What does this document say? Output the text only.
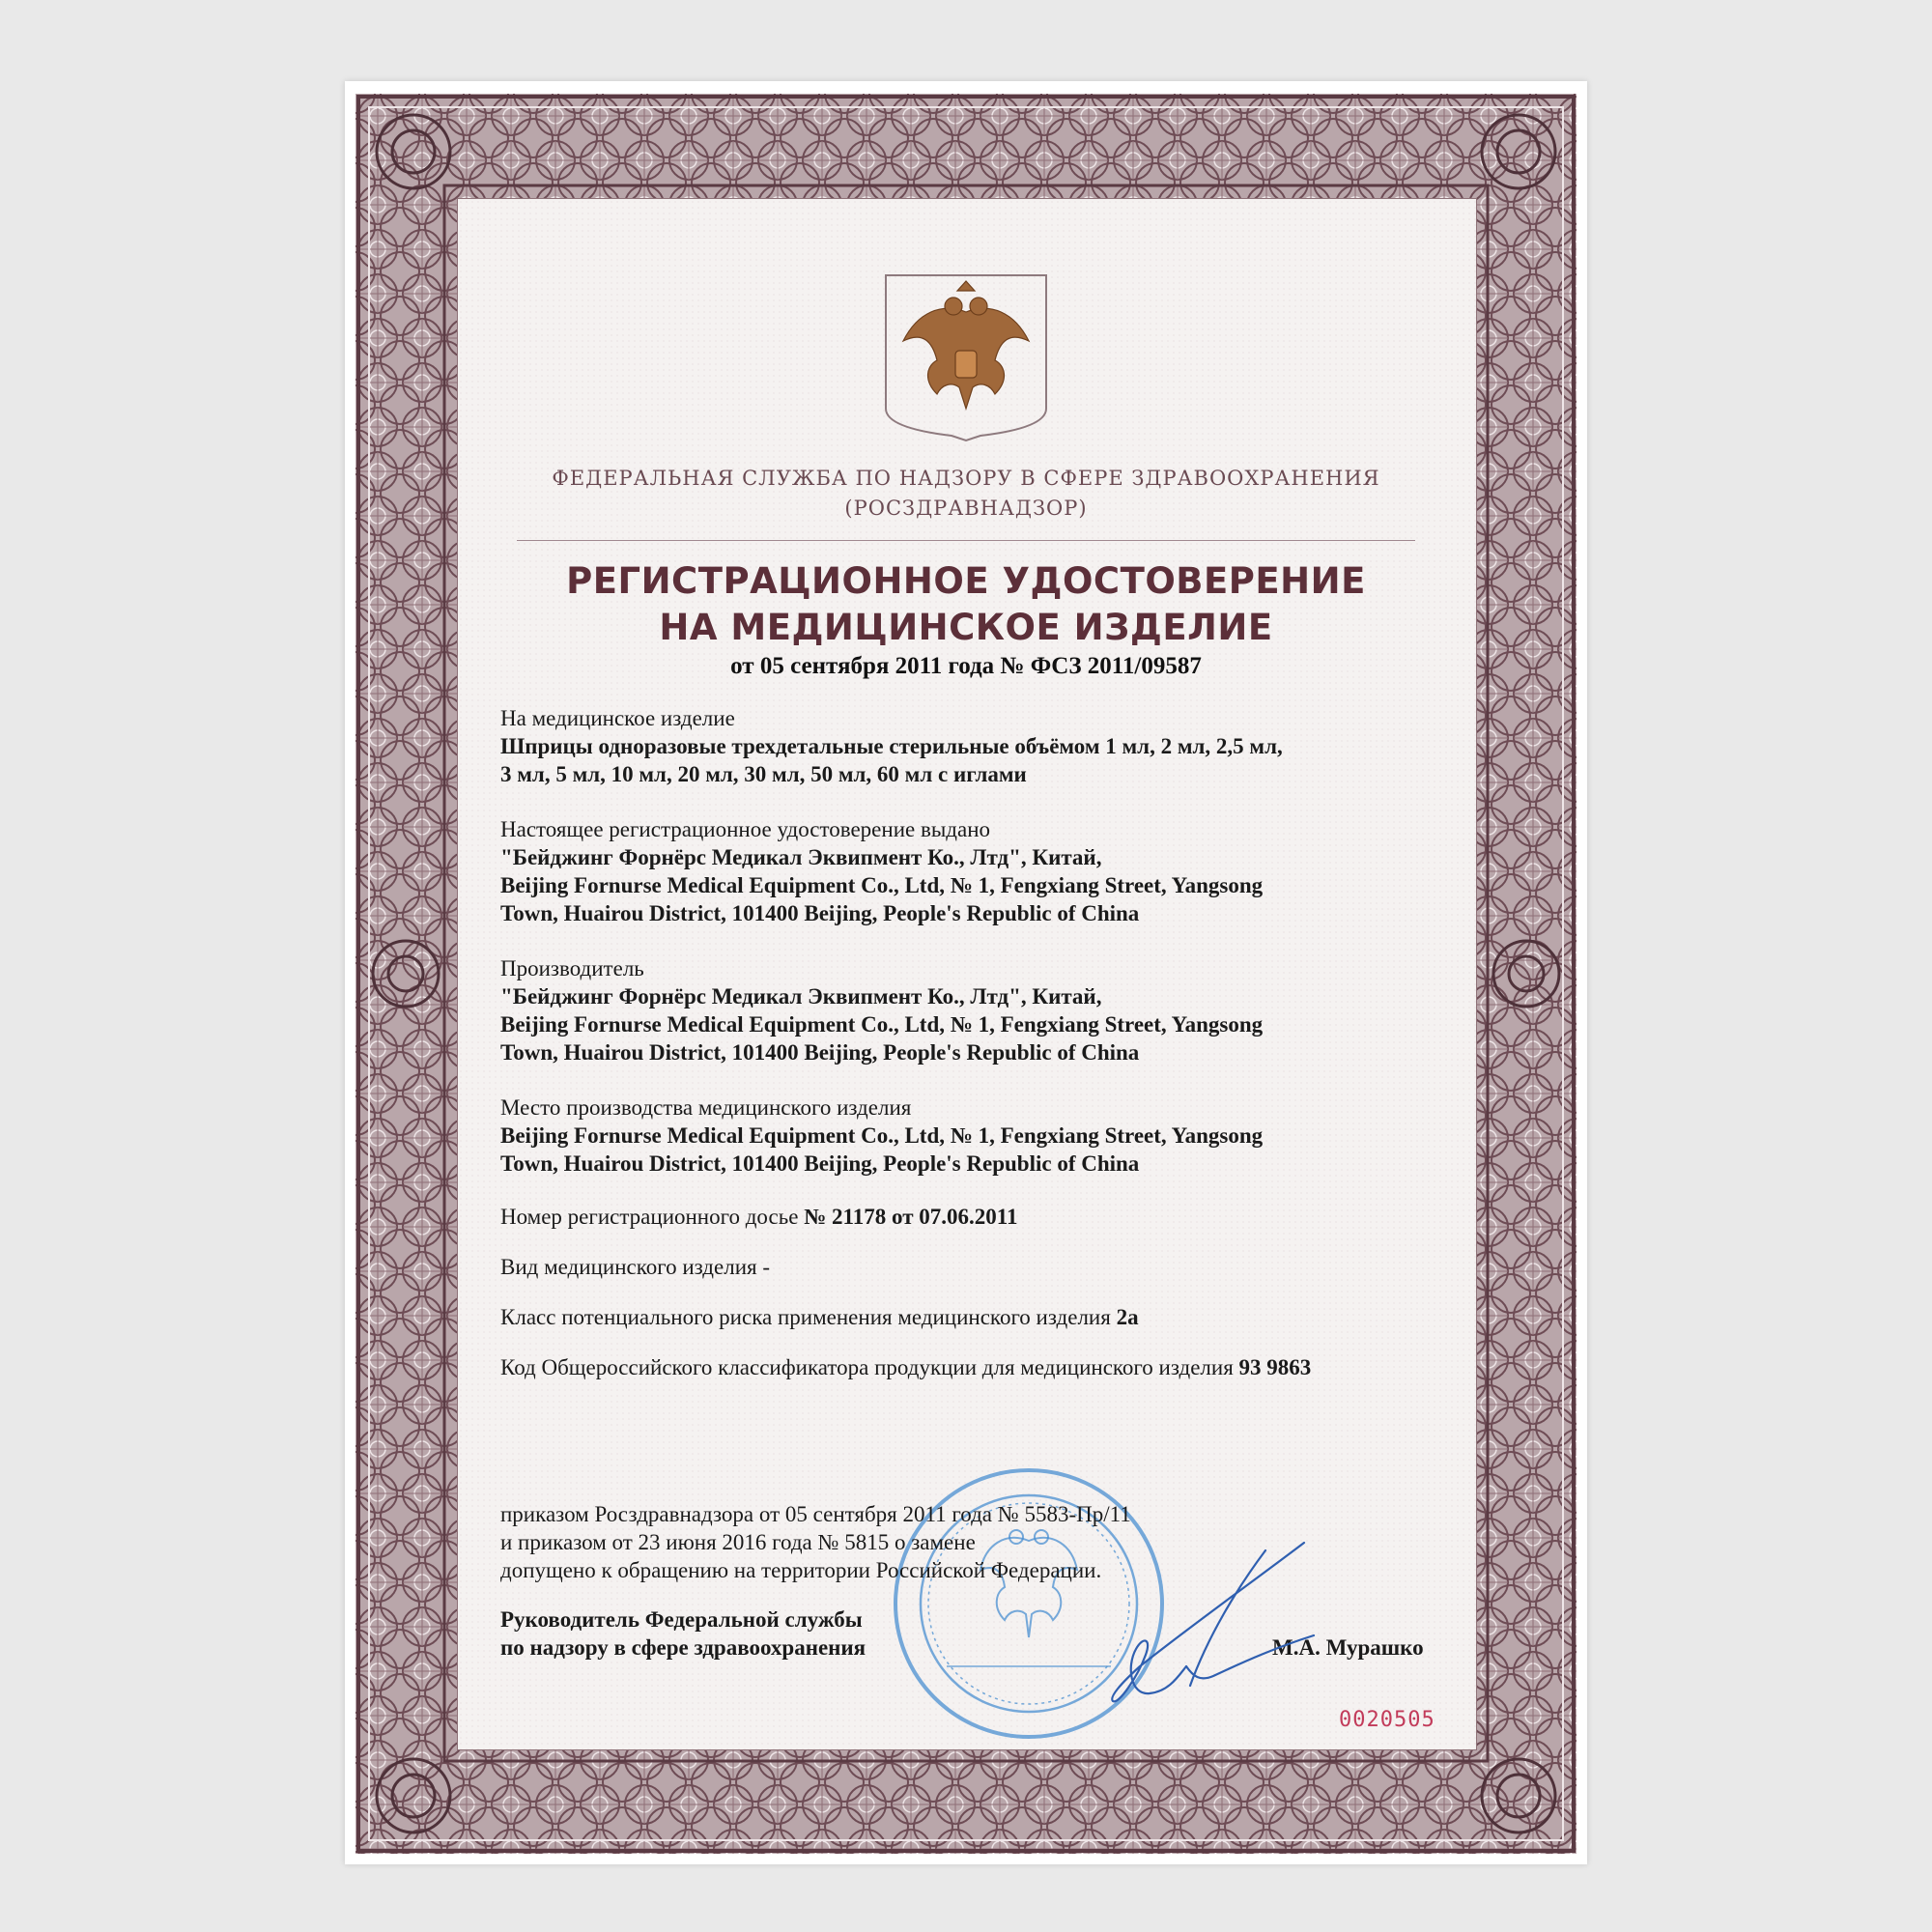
ФЕДЕРАЛЬНАЯ СЛУЖБА ПО НАДЗОРУ В СФЕРЕ ЗДРАВООХРАНЕНИЯ
(РОСЗДРАВНАДЗОР)
РЕГИСТРАЦИОННОЕ УДОСТОВЕРЕНИЕ
НА МЕДИЦИНСКОЕ ИЗДЕЛИЕ
от 05 сентября 2011 года № ФСЗ 2011/09587
На медицинское изделие
Шприцы одноразовые трехдетальные стерильные объёмом 1 мл, 2 мл, 2,5 мл,
3 мл, 5 мл, 10 мл, 20 мл, 30 мл, 50 мл, 60 мл с иглами
Настоящее регистрационное удостоверение выдано
"Бейджинг Форнёрс Медикал Эквипмент Ко., Лтд", Китай,
Beijing Fornurse Medical Equipment Co., Ltd, № 1, Fengxiang Street, Yangsong
Town, Huairou District, 101400 Beijing, People's Republic of China
Производитель
"Бейджинг Форнёрс Медикал Эквипмент Ко., Лтд", Китай,
Beijing Fornurse Medical Equipment Co., Ltd, № 1, Fengxiang Street, Yangsong
Town, Huairou District, 101400 Beijing, People's Republic of China
Место производства медицинского изделия
Beijing Fornurse Medical Equipment Co., Ltd, № 1, Fengxiang Street, Yangsong
Town, Huairou District, 101400 Beijing, People's Republic of China
Номер регистрационного досье № 21178 от 07.06.2011
Вид медицинского изделия -
Класс потенциального риска применения медицинского изделия 2а
Код Общероссийского классификатора продукции для медицинского изделия 93 9863
приказом Росздравнадзора от 05 сентября 2011 года № 5583-Пр/11
и приказом от 23 июня 2016 года № 5815 о замене
допущено к обращению на территории Российской Федерации.
Руководитель Федеральной службы
по надзору в сфере здравоохранения	М.А. Мурашко
0020505
